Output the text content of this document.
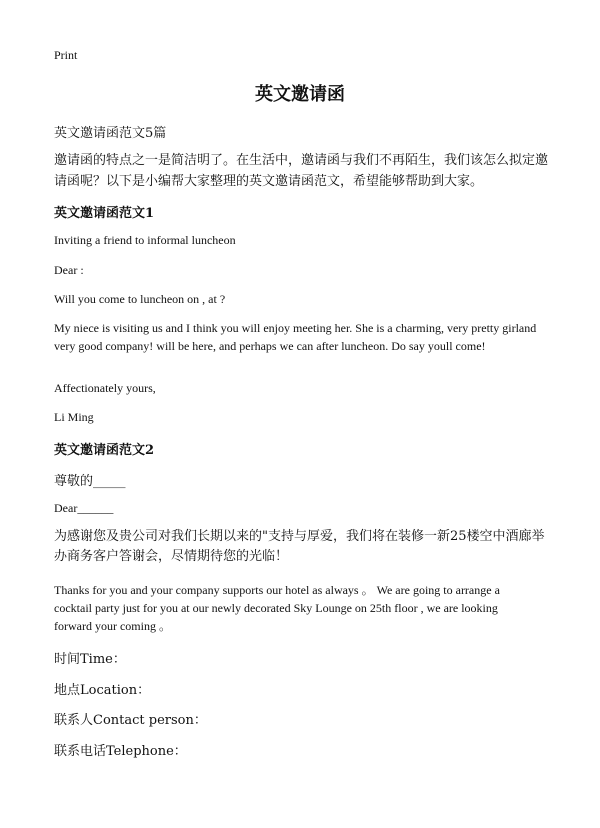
Print
英文邀请函
英文邀请函范文5篇
邀请函的特点之一是简洁明了。在生活中，邀请函与我们不再陌生，我们该怎么拟定邀请函呢？以下是小编帮大家整理的英文邀请函范文，希望能够帮助到大家。
英文邀请函范文1
Inviting a friend to informal luncheon
Dear :
Will you come to luncheon on , at ?
My niece is visiting us and I think you will enjoy meeting her. She is a charming, very pretty girland very good company! will be here, and perhaps we can after luncheon. Do say youll come!
Affectionately yours,
Li Ming
英文邀请函范文2
尊敬的_____
Dear______
为感谢您及贵公司对我们长期以来的"支持与厚爱，我们将在装修一新25楼空中酒廊举办商务客户答谢会，尽情期待您的光临！
Thanks for you and your company supports our hotel as always 。 We are going to arrange a cocktail party just for you at our newly decorated Sky Lounge on 25th floor , we are looking forward your coming 。
时间Time：
地点Location：
联系人Contact person：
联系电话Telephone：
